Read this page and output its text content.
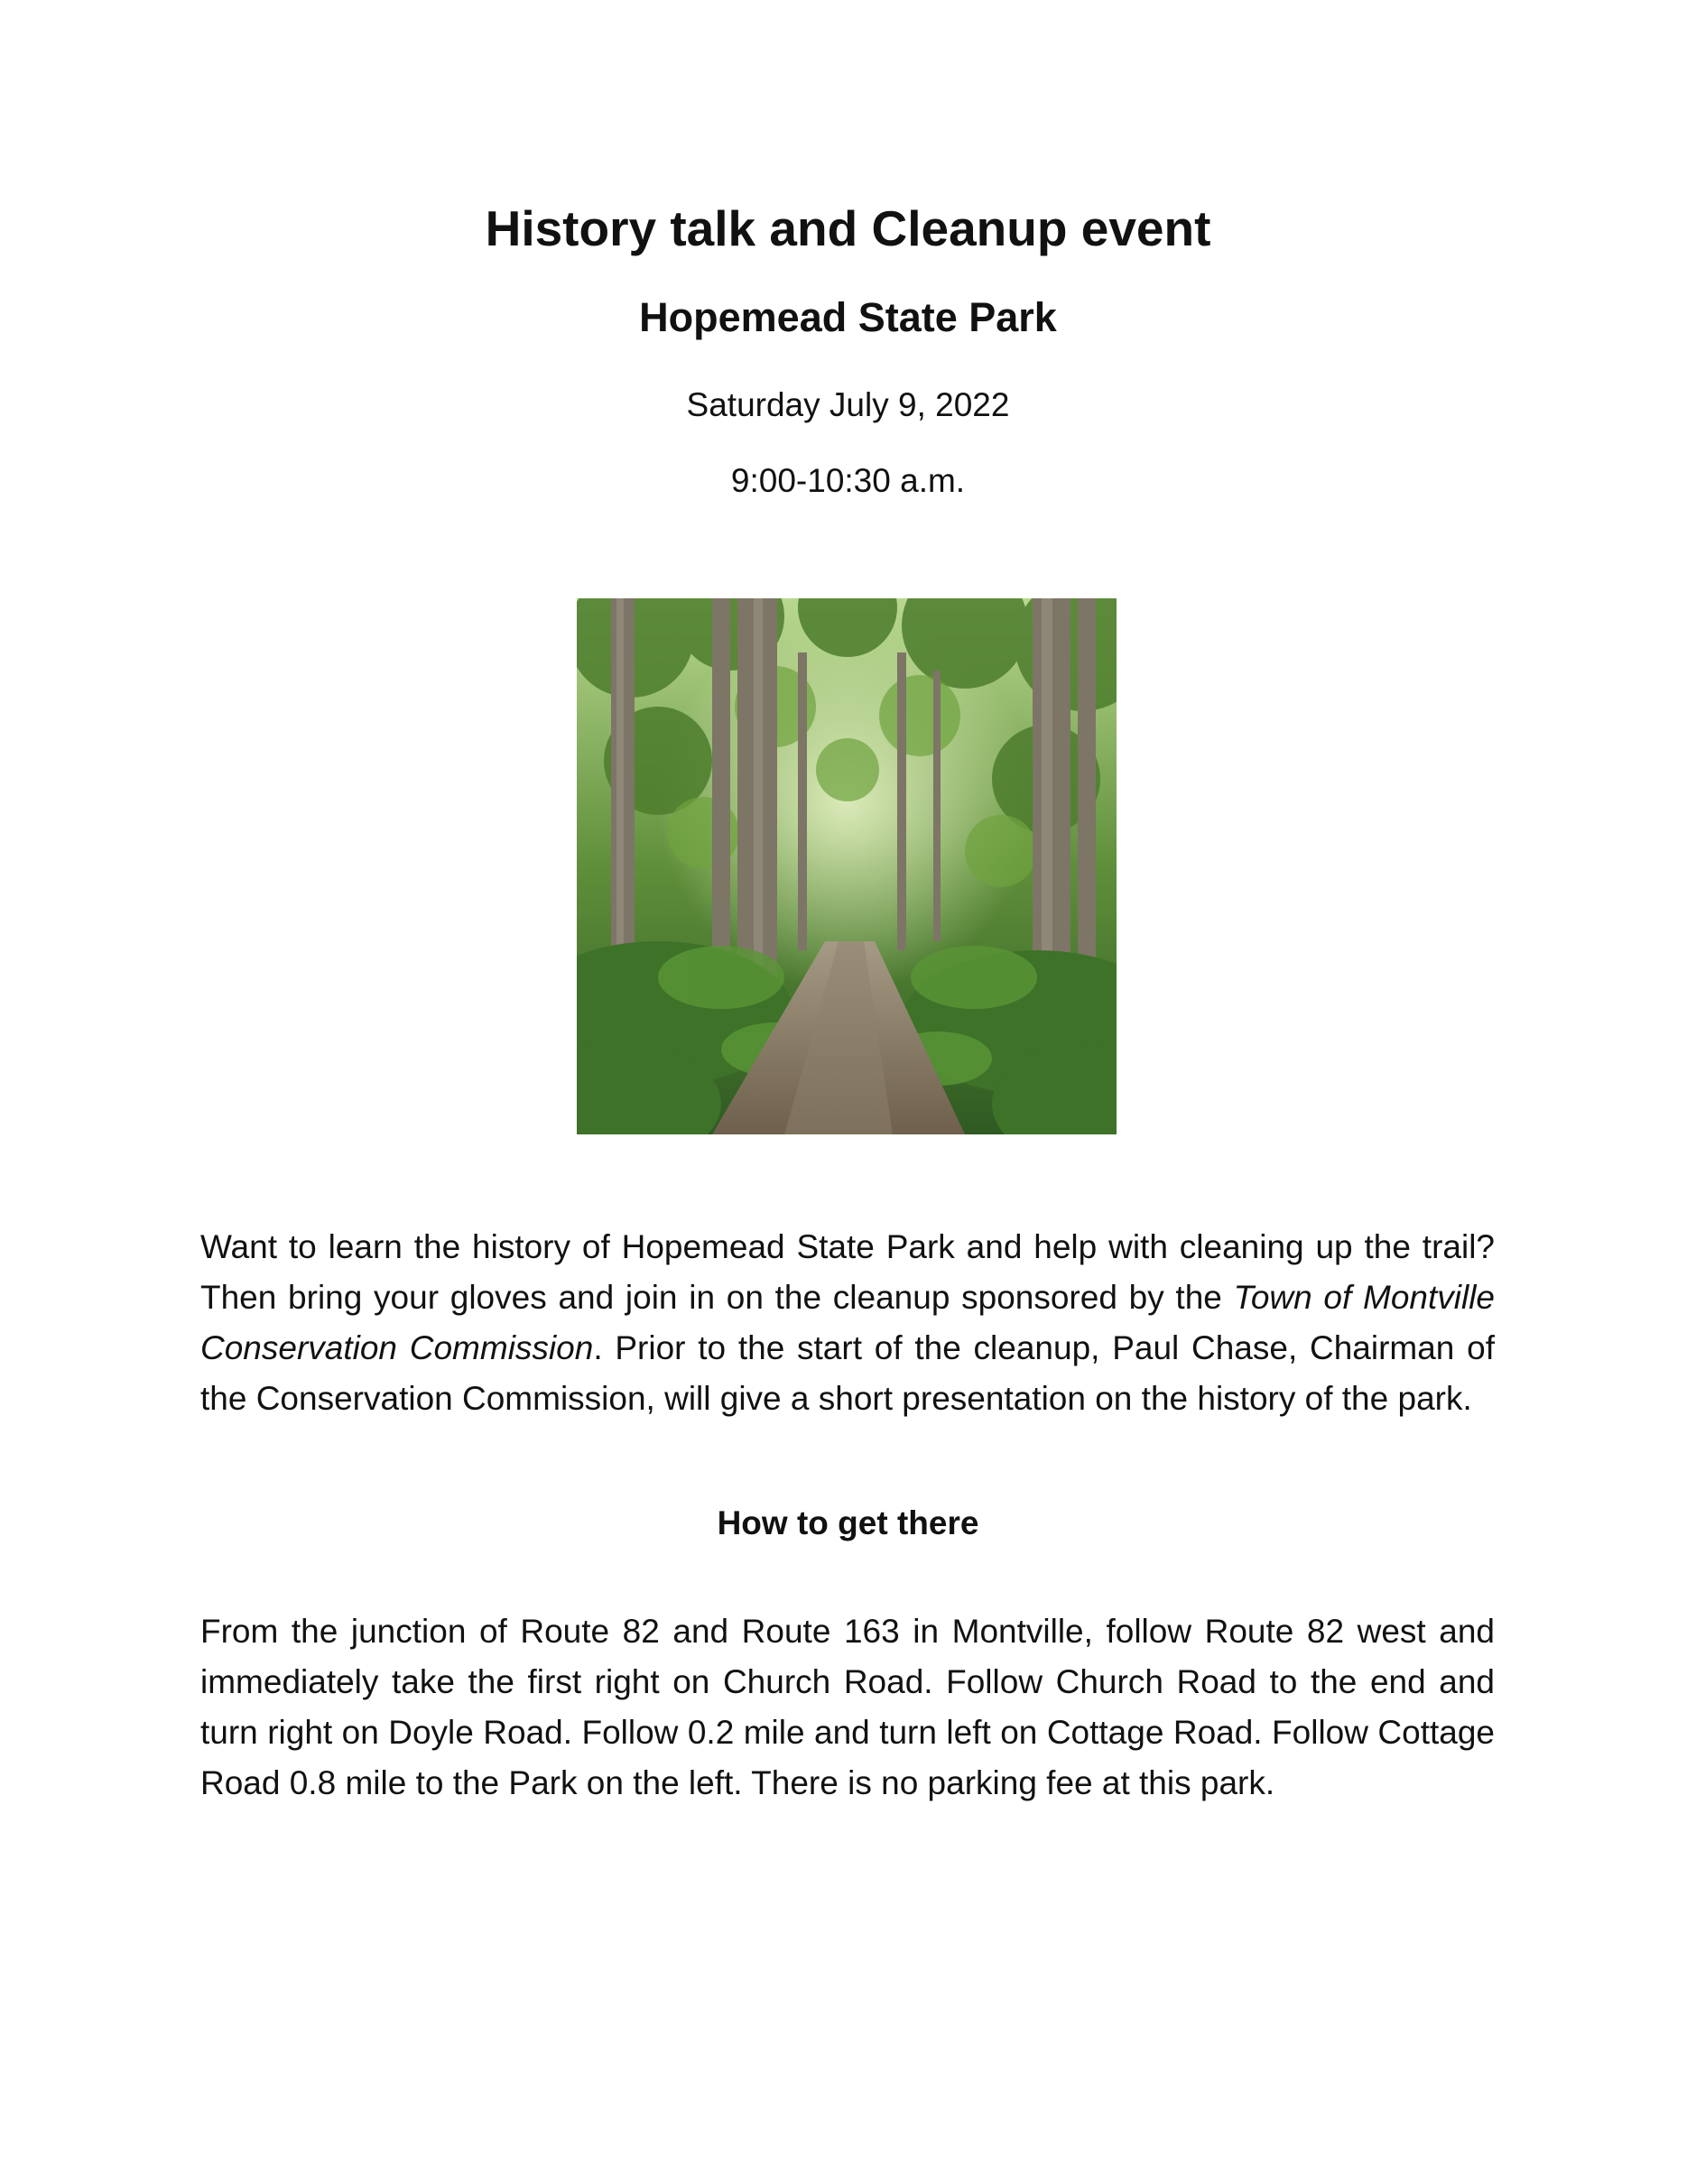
History talk and Cleanup event
Hopemead State Park
Saturday July 9, 2022
9:00-10:30 a.m.
Want to learn the history of Hopemead State Park and help with cleaning up the trail? Then bring your gloves and join in on the cleanup sponsored by the Town of Montville Conservation Commission. Prior to the start of the cleanup, Paul Chase, Chairman of the Conservation Commission, will give a short presentation on the history of the park.
How to get there
From the junction of Route 82 and Route 163 in Montville, follow Route 82 west and immediately take the first right on Church Road. Follow Church Road to the end and turn right on Doyle Road. Follow 0.2 mile and turn left on Cottage Road. Follow Cottage Road 0.8 mile to the Park on the left. There is no parking fee at this park.
